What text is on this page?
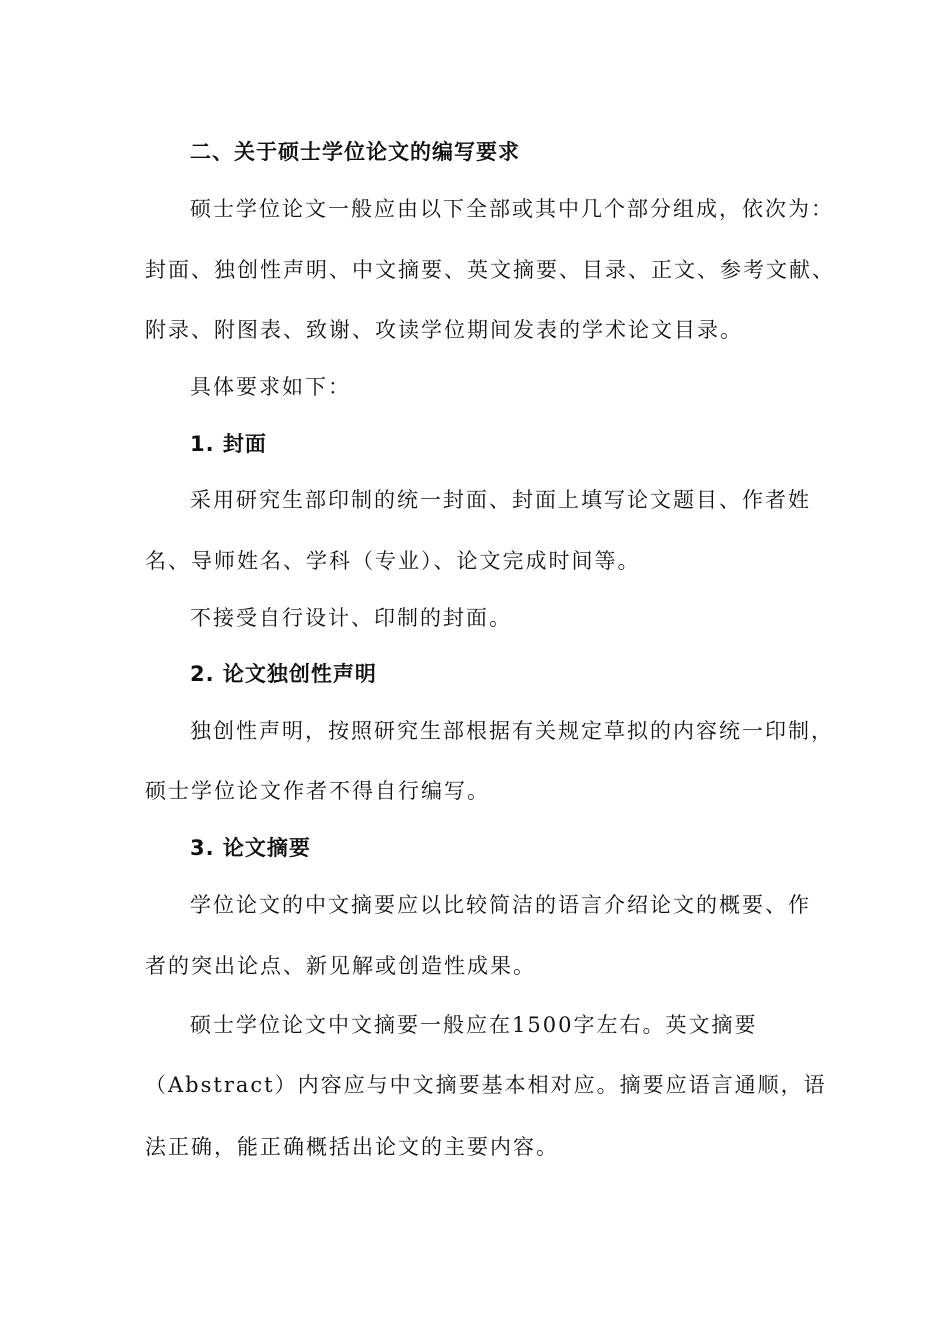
二、关于硕士学位论文的编写要求
硕士学位论文一般应由以下全部或其中几个部分组成，依次为：
封面、独创性声明、中文摘要、英文摘要、目录、正文、参考文献、
附录、附图表、致谢、攻读学位期间发表的学术论文目录。
具体要求如下：
1. 封面
采用研究生部印制的统一封面、封面上填写论文题目、作者姓
名、导师姓名、学科（专业）、论文完成时间等。
不接受自行设计、印制的封面。
2. 论文独创性声明
独创性声明，按照研究生部根据有关规定草拟的内容统一印制，
硕士学位论文作者不得自行编写。
3. 论文摘要
学位论文的中文摘要应以比较简洁的语言介绍论文的概要、作
者的突出论点、新见解或创造性成果。
硕士学位论文中文摘要一般应在1500字左右。英文摘要
（Abstract）内容应与中文摘要基本相对应。摘要应语言通顺，语
法正确，能正确概括出论文的主要内容。
